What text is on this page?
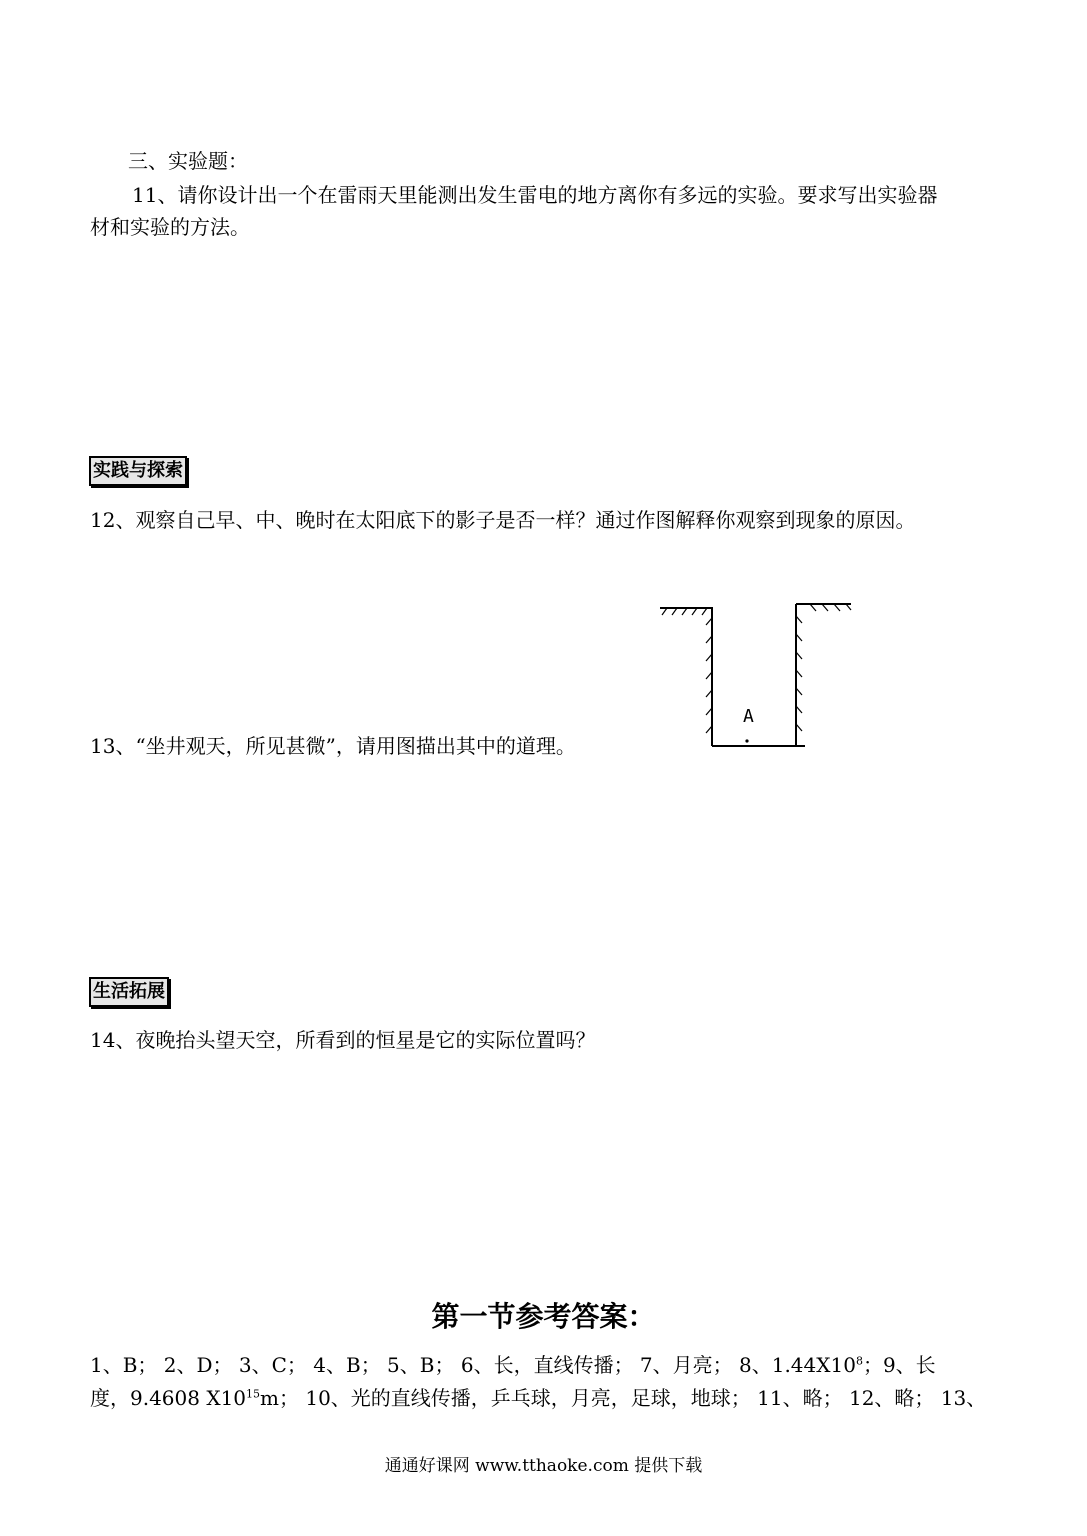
三、实验题：
11、请你设计出一个在雷雨天里能测出发生雷电的地方离你有多远的实验。要求写出实验器
材和实验的方法。
实践与探索
12、观察自己早、中、晚时在太阳底下的影子是否一样？通过作图解释你观察到现象的原因。
13、“坐井观天，所见甚微”，请用图描出其中的道理。
A
生活拓展
14、夜晚抬头望天空，所看到的恒星是它的实际位置吗？
第一节参考答案：
1、B； 2、D； 3、C； 4、B； 5、B； 6、长，直线传播； 7、月亮； 8、$1.44X10^8$；9、长
度，9.4608 $X10^{15}m$； 10、光的直线传播，乒乓球，月亮，足球，地球； 11、略； 12、略； 13、
通通好课网 www.tthaoke.com 提供下载
